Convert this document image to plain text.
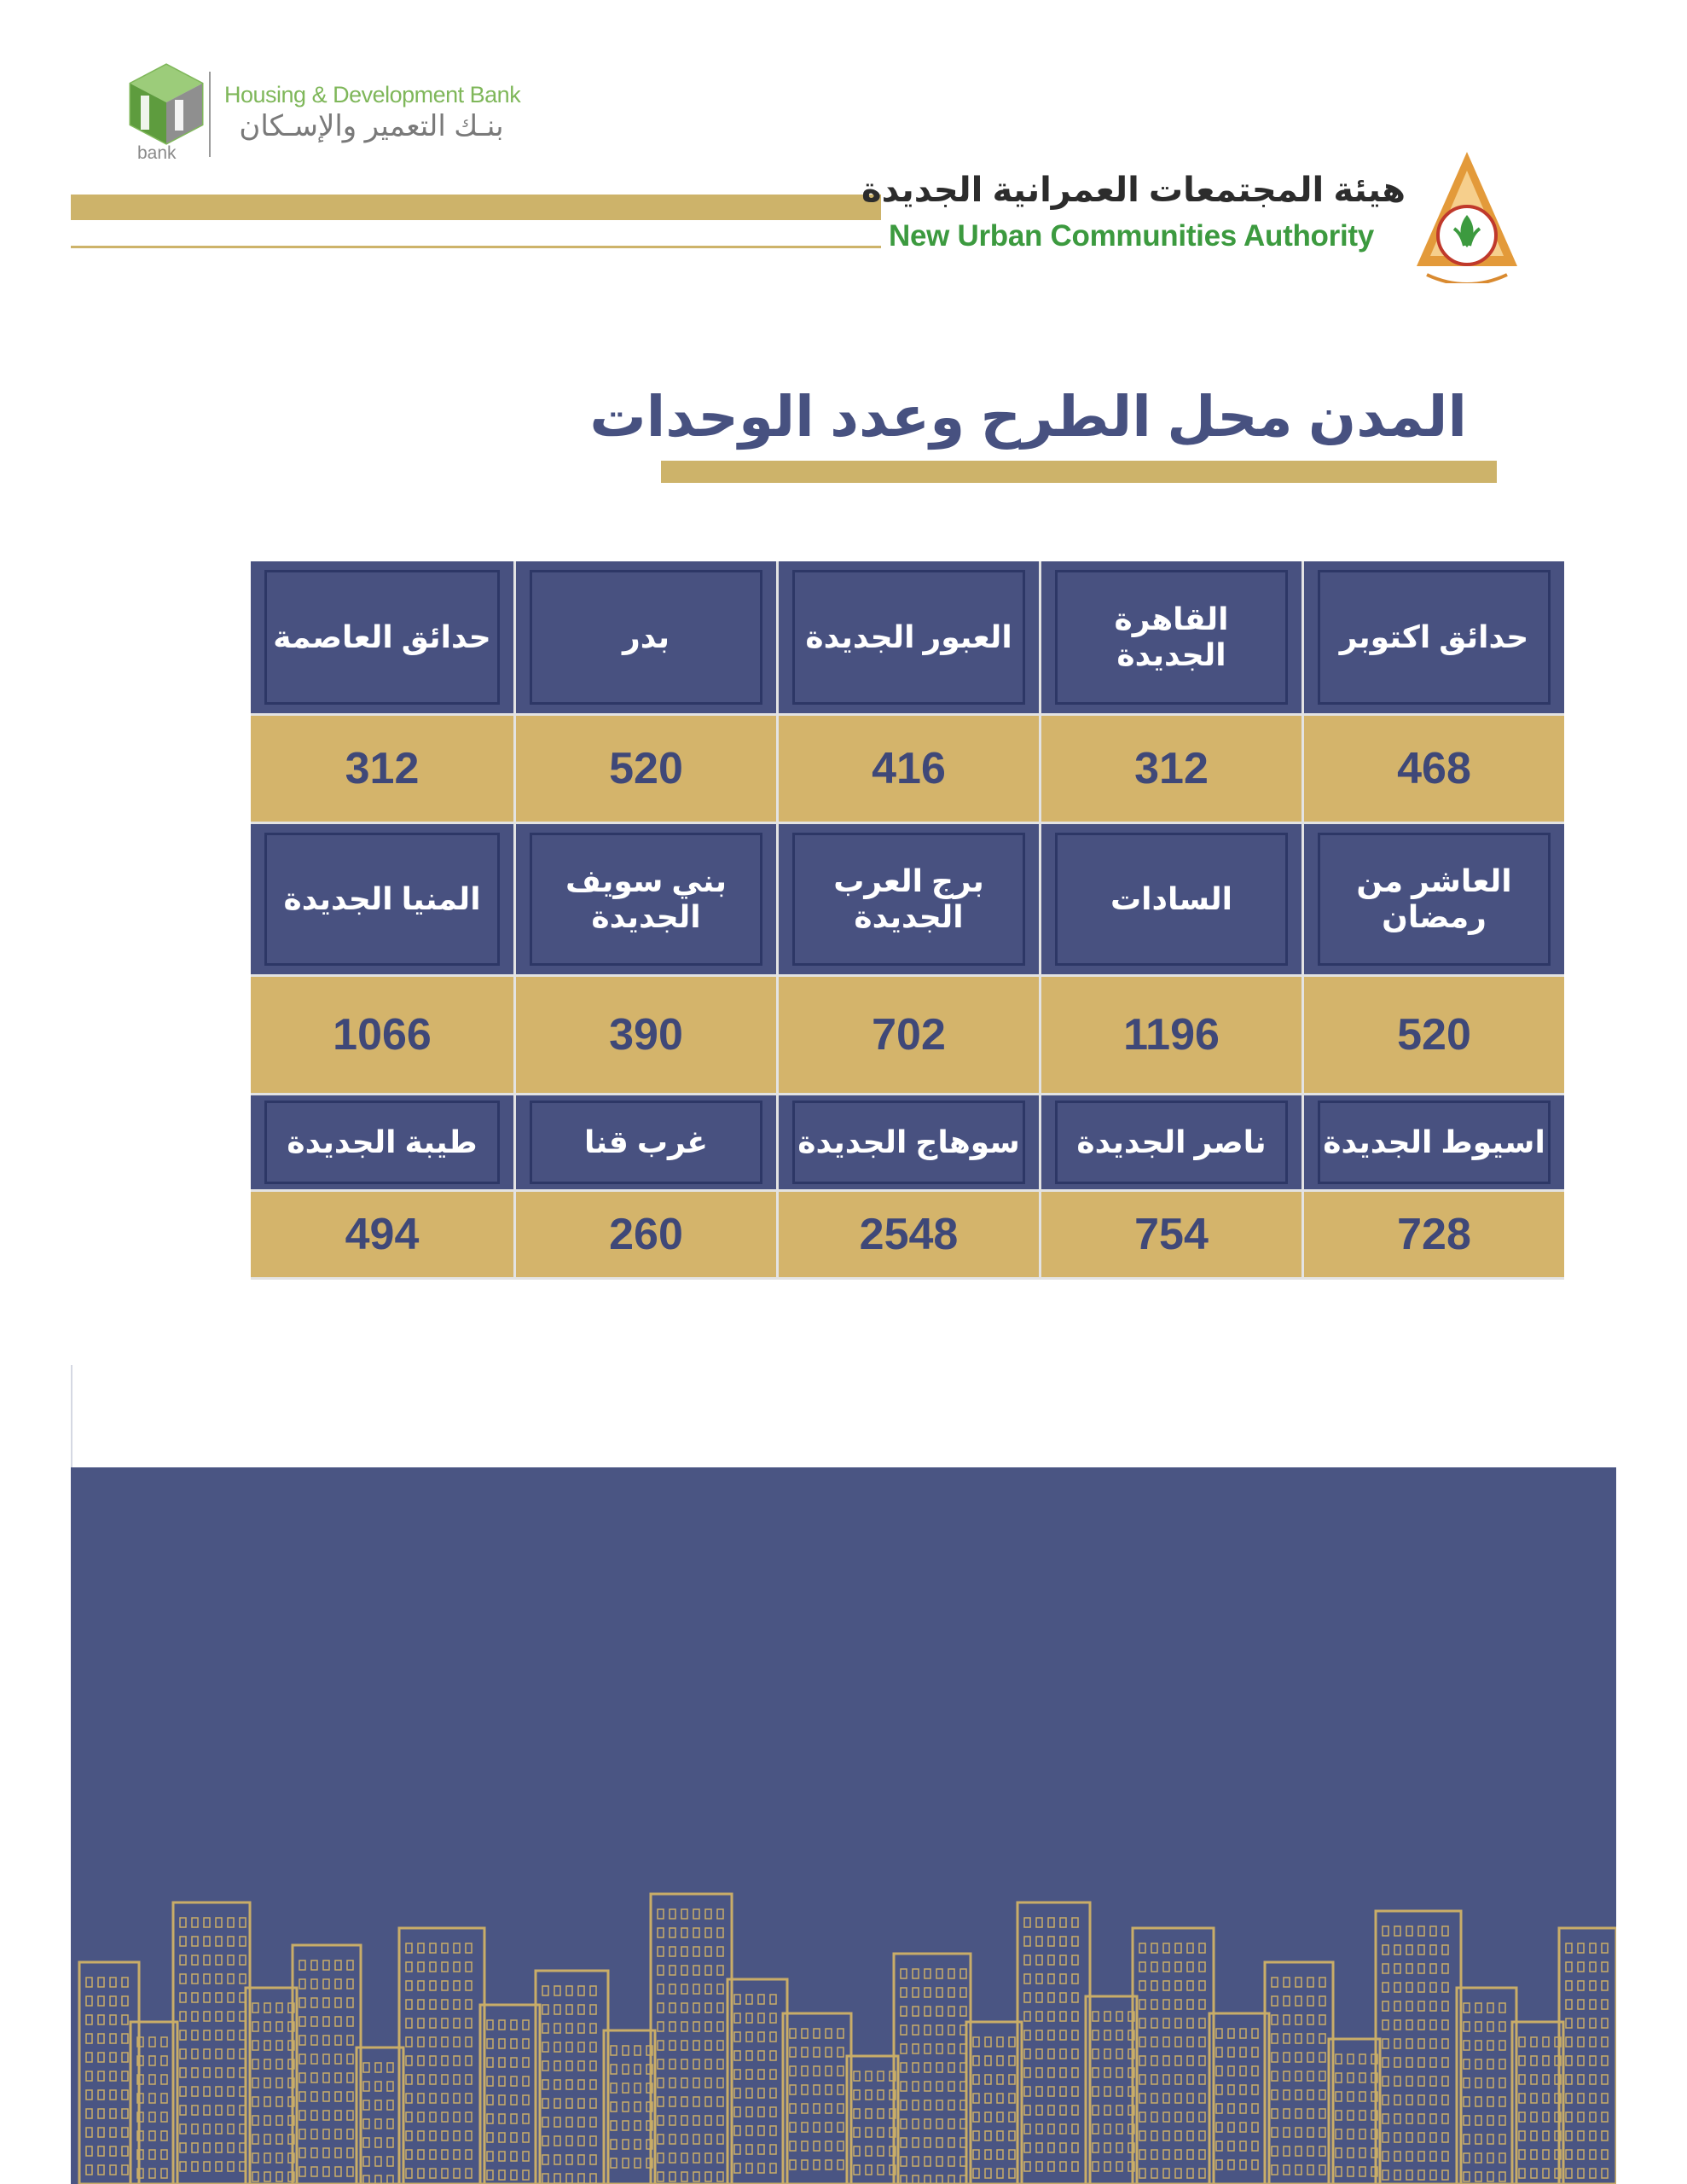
Housing & Development Bank
بنـك التعمير والإسـكان
bank
هيئة المجتمعات العمرانية الجديدة
New Urban Communities Authority
المدن محل الطرح وعدد الوحدات
حدائق اكتوبر
القاهرة الجديدة
العبور الجديدة
بدر
حدائق العاصمة
468
312
416
520
312
العاشر من رمضان
السادات
برج العرب الجديدة
بني سويف الجديدة
المنيا الجديدة
520
1196
702
390
1066
اسيوط الجديدة
ناصر الجديدة
سوهاج الجديدة
غرب قنا
طيبة الجديدة
728
754
2548
260
494
